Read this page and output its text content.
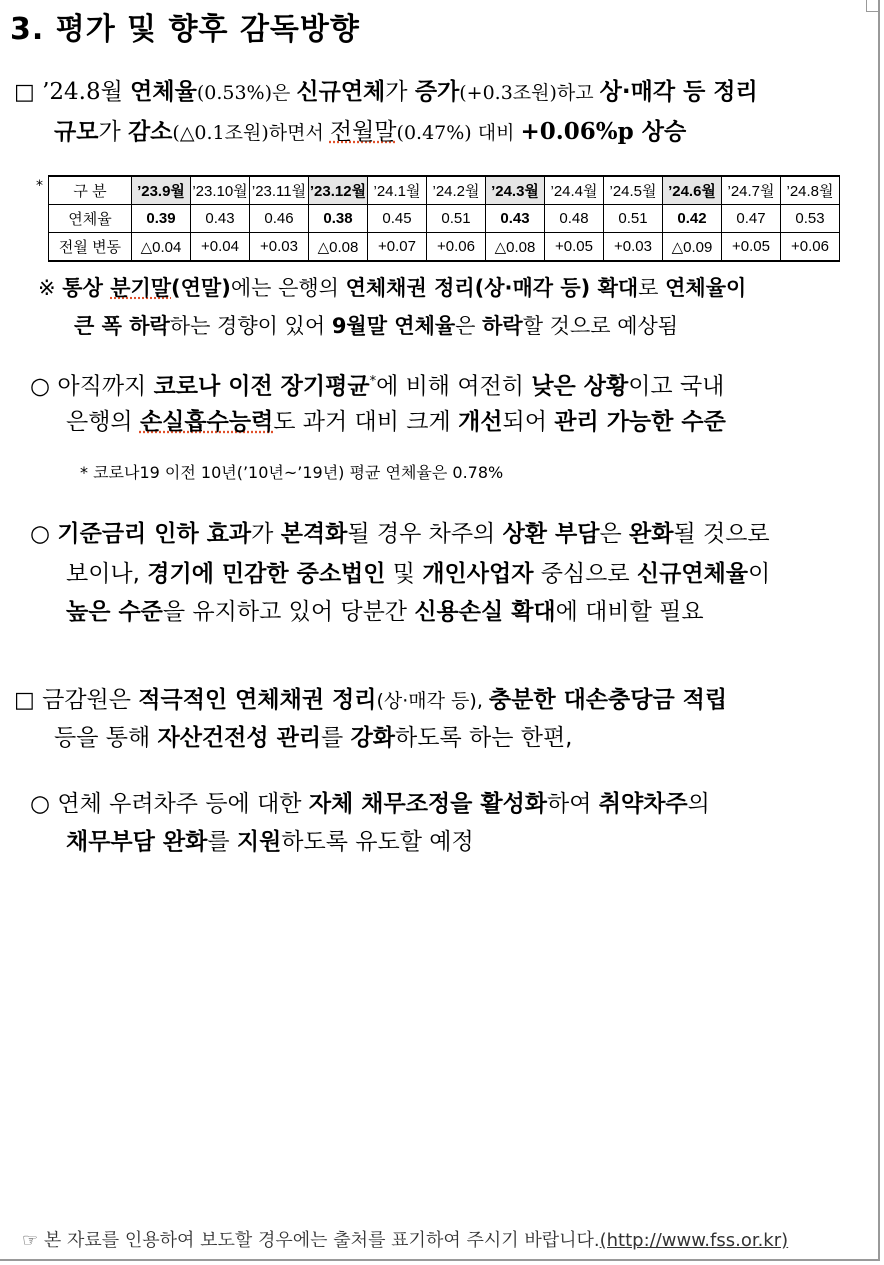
3. 평가 및 향후 감독방향
□ ’24.8월 연체율(0.53%)은 신규연체가 증가(+0.3조원)하고 상·매각 등 정리
규모가 감소(△0.1조원)하면서 전월말(0.47%) 대비 +0.06%p 상승
* 구 분	’23.9월	’23.10월	’23.11월	’23.12월	’24.1월	’24.2월	’24.3월	’24.4월	’24.5월	’24.6월	’24.7월	’24.8월
연체율	0.39	0.43	0.46	0.38	0.45	0.51	0.43	0.48	0.51	0.42	0.47	0.53
전월 변동	△0.04	+0.04	+0.03	△0.08	+0.07	+0.06	△0.08	+0.05	+0.03	△0.09	+0.05	+0.06
※ 통상 분기말(연말)에는 은행의 연체채권 정리(상·매각 등) 확대로 연체율이
큰 폭 하락하는 경향이 있어 9월말 연체율은 하락할 것으로 예상됨
○ 아직까지 코로나 이전 장기평균*에 비해 여전히 낮은 상황이고 국내
은행의 손실흡수능력도 과거 대비 크게 개선되어 관리 가능한 수준
* 코로나19 이전 10년(’10년~’19년) 평균 연체율은 0.78%
○ 기준금리 인하 효과가 본격화될 경우 차주의 상환 부담은 완화될 것으로
보이나, 경기에 민감한 중소법인 및 개인사업자 중심으로 신규연체율이
높은 수준을 유지하고 있어 당분간 신용손실 확대에 대비할 필요
□ 금감원은 적극적인 연체채권 정리(상·매각 등), 충분한 대손충당금 적립
등을 통해 자산건전성 관리를 강화하도록 하는 한편,
○ 연체 우려차주 등에 대한 자체 채무조정을 활성화하여 취약차주의
채무부담 완화를 지원하도록 유도할 예정
☞ 본 자료를 인용하여 보도할 경우에는 출처를 표기하여 주시기 바랍니다.(http://www.fss.or.kr)
